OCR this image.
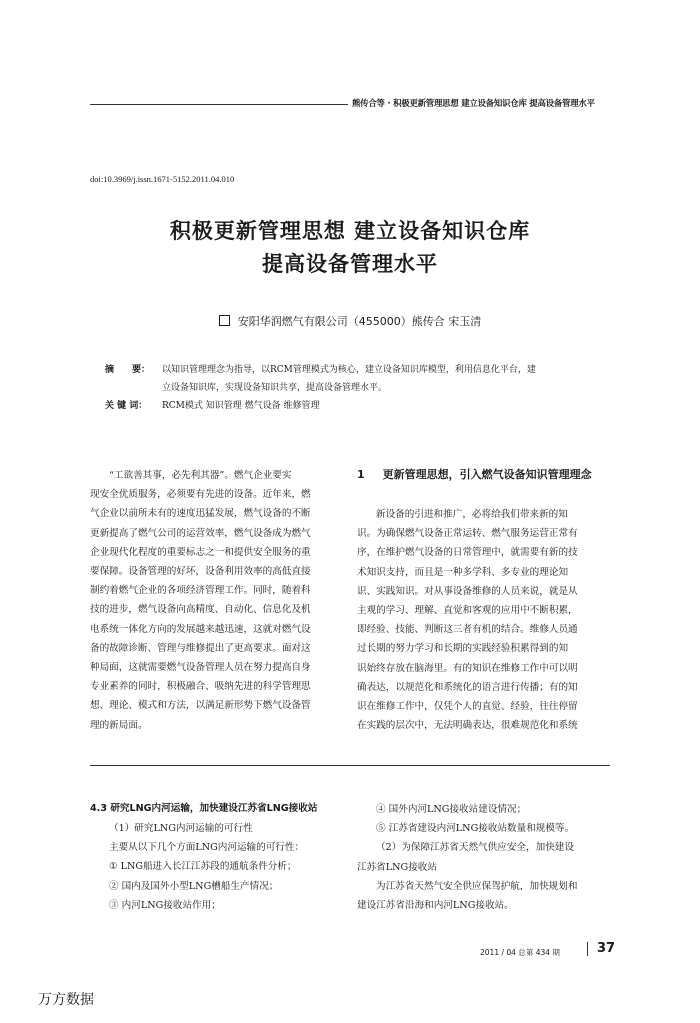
熊传合等 · 积极更新管理思想 建立设备知识仓库 提高设备管理水平
doi:10.3969/j.issn.1671-5152.2011.04.010
积极更新管理思想 建立设备知识仓库
提高设备管理水平
安阳华润燃气有限公司（455000）熊传合 宋玉清
摘　　要： 以知识管理理念为指导，以RCM管理模式为核心，建立设备知识库模型，利用信息化平台，建
立设备知识库，实现设备知识共享，提高设备管理水平。
关 键 词： RCM模式 知识管理 燃气设备 维修管理

“工欲善其事，必先利其器”。燃气企业要实

现安全优质服务，必须要有先进的设备。近年来，燃

气企业以前所未有的速度迅猛发展，燃气设备的不断

更新提高了燃气公司的运营效率，燃气设备成为燃气

企业现代化程度的重要标志之一和提供安全服务的重

要保障。设备管理的好坏，设备利用效率的高低直接

制约着燃气企业的各项经济管理工作。同时，随着科

技的进步，燃气设备向高精度、自动化、信息化及机

电系统一体化方向的发展越来越迅速，这就对燃气设

备的故障诊断、管理与维修提出了更高要求。面对这

种局面，这就需要燃气设备管理人员在努力提高自身

专业素养的同时，积极融合、吸纳先进的科学管理思

想、理论、模式和方法，以满足新形势下燃气设备管

理的新局面。

1 更新管理思想，引入燃气设备知识管理理念

新设备的引进和推广，必将给我们带来新的知

识。为确保燃气设备正常运转、燃气服务运营正常有

序，在维护燃气设备的日常管理中，就需要有新的技

术知识支持，而且是一种多学科、多专业的理论知

识、实践知识。对从事设备维修的人员来说，就是从

主观的学习、理解、直觉和客观的应用中不断积累，

即经验、技能、判断这三者有机的结合。维修人员通

过长期的努力学习和长期的实践经验积累得到的知

识始终存放在脑海里。有的知识在维修工作中可以明

确表达，以规范化和系统化的语言进行传播；有的知

识在维修工作中，仅凭个人的直觉、经验，往往停留

在实践的层次中，无法明确表达，很难规范化和系统

4.3 研究LNG内河运输，加快建设江苏省LNG接收站

（1）研究LNG内河运输的可行性

主要从以下几个方面LNG内河运输的可行性：

① LNG船进入长江江苏段的通航条件分析；

② 国内及国外小型LNG槽船生产情况；

③ 内河LNG接收站作用；

④ 国外内河LNG接收站建设情况；

⑤ 江苏省建设内河LNG接收站数量和规模等。

（2）为保障江苏省天然气供应安全，加快建设

江苏省LNG接收站

为江苏省天然气安全供应保驾护航，加快规划和

建设江苏省沿海和内河LNG接收站。

2011 / 04 总第 434 期	37
万方数据
